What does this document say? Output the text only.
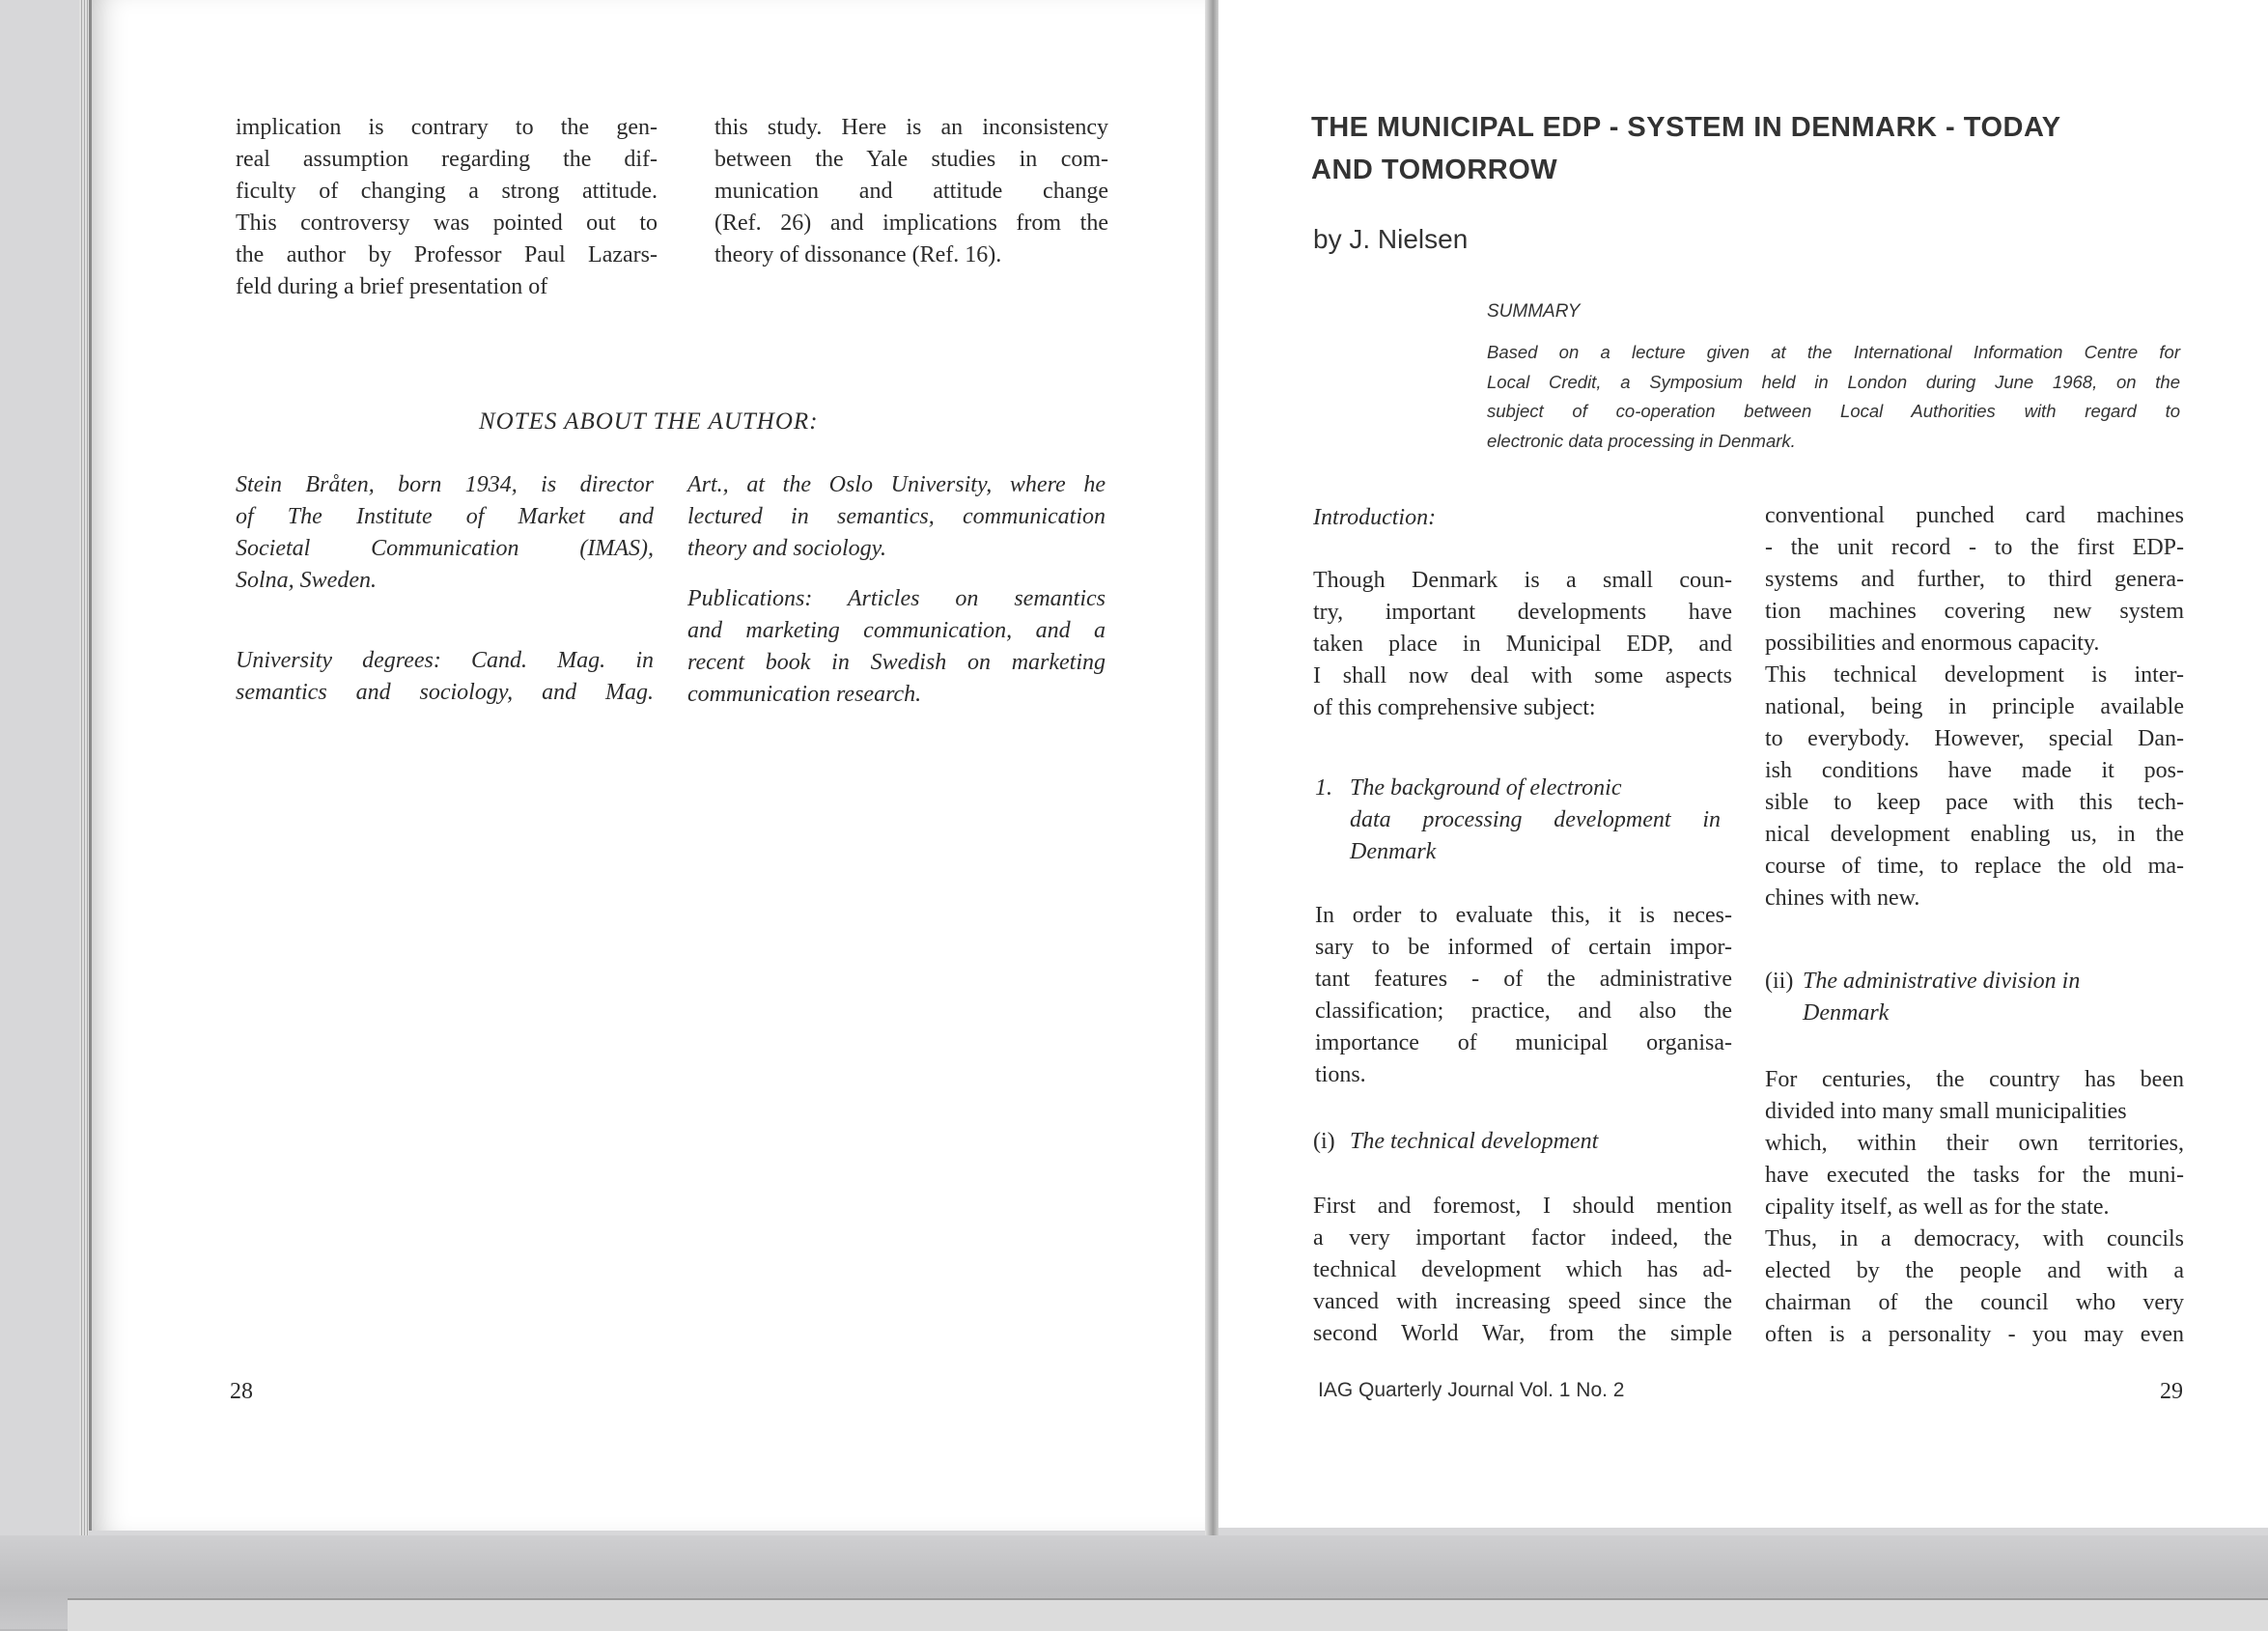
implication is contrary to the gen-

real assumption regarding the dif-

ficulty of changing a strong attitude.

This controversy was pointed out to

the author by Professor Paul Lazars-

feld during a brief presentation of

this study. Here is an inconsistency

between the Yale studies in com-

munication and attitude change

(Ref. 26) and implications from the

theory of dissonance (Ref. 16).

NOTES ABOUT THE AUTHOR:

Stein Bråten, born 1934, is director

of The Institute of Market and

Societal Communication (IMAS),

Solna, Sweden.

University degrees: Cand. Mag. in

semantics and sociology, and Mag.

Art., at the Oslo University, where he

lectured in semantics, communication

theory and sociology.

Publications: Articles on semantics

and marketing communication, and a

recent book in Swedish on marketing

communication research.

28
THE MUNICIPAL EDP - SYSTEM IN DENMARK - TODAY
AND TOMORROW
by J. Nielsen
SUMMARY

Based on a lecture given at the International Information Centre for

Local Credit, a Symposium held in London during June 1968, on the

subject of co-operation between Local Authorities with regard to

electronic data processing in Denmark.

Introduction:

Though Denmark is a small coun-

try, important developments have

taken place in Municipal EDP, and

I shall now deal with some aspects

of this comprehensive subject:

1. The background of electronic

data processing development in

Denmark

In order to evaluate this, it is neces-

sary to be informed of certain impor-

tant features - of the administrative

classification; practice, and also the

importance of municipal organisa-

tions.

(i) The technical development

First and foremost, I should mention

a very important factor indeed, the

technical development which has ad-

vanced with increasing speed since the

second World War, from the simple

conventional punched card machines

- the unit record - to the first EDP-

systems and further, to third genera-

tion machines covering new system

possibilities and enormous capacity.

This technical development is inter-

national, being in principle available

to everybody. However, special Dan-

ish conditions have made it pos-

sible to keep pace with this tech-

nical development enabling us, in the

course of time, to replace the old ma-

chines with new.

(ii) The administrative division in

Denmark

For centuries, the country has been

divided into many small municipalities

which, within their own territories,

have executed the tasks for the muni-

cipality itself, as well as for the state.

Thus, in a democracy, with councils

elected by the people and with a

chairman of the council who very

often is a personality - you may even

IAG Quarterly Journal Vol. 1 No. 2	29
